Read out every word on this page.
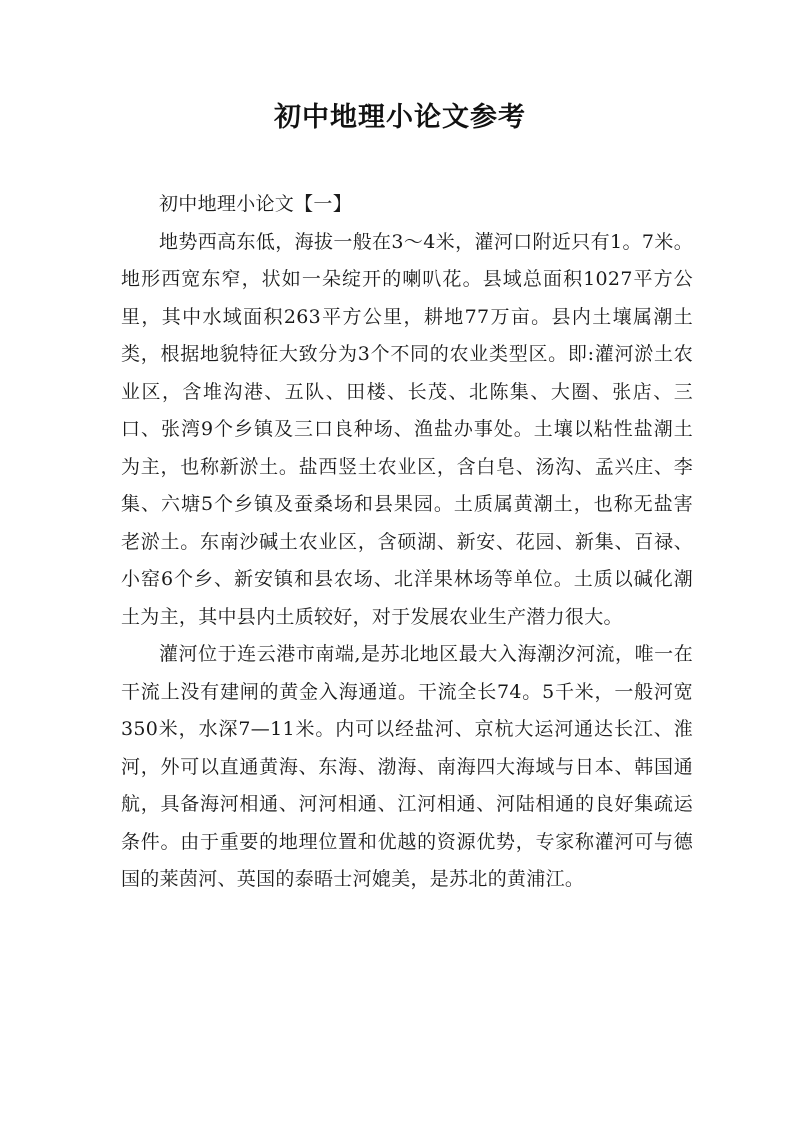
初中地理小论文参考

初中地理小论文【一】

地势西高东低，海拔一般在3～4米，灌河口附近只有1。7米。地形西宽东窄，状如一朵绽开的喇叭花。县域总面积1027平方公里，其中水域面积263平方公里，耕地77万亩。县内土壤属潮土类，根据地貌特征大致分为3个不同的农业类型区。即:灌河淤土农业区，含堆沟港、五队、田楼、长茂、北陈集、大圈、张店、三口、张湾9个乡镇及三口良种场、渔盐办事处。土壤以粘性盐潮土为主，也称新淤土。盐西竖土农业区，含白皂、汤沟、孟兴庄、李集、六塘5个乡镇及蚕桑场和县果园。土质属黄潮土，也称无盐害老淤土。东南沙碱土农业区，含硕湖、新安、花园、新集、百禄、小窑6个乡、新安镇和县农场、北洋果林场等单位。土质以碱化潮土为主，其中县内土质较好，对于发展农业生产潜力很大。

灌河位于连云港市南端,是苏北地区最大入海潮汐河流，唯一在干流上没有建闸的黄金入海通道。干流全长74。5千米，一般河宽350米，水深7—11米。内可以经盐河、京杭大运河通达长江、淮河，外可以直通黄海、东海、渤海、南海四大海域与日本、韩国通航，具备海河相通、河河相通、江河相通、河陆相通的良好集疏运条件。由于重要的地理位置和优越的资源优势，专家称灌河可与德国的莱茵河、英国的泰晤士河媲美，是苏北的黄浦江。
